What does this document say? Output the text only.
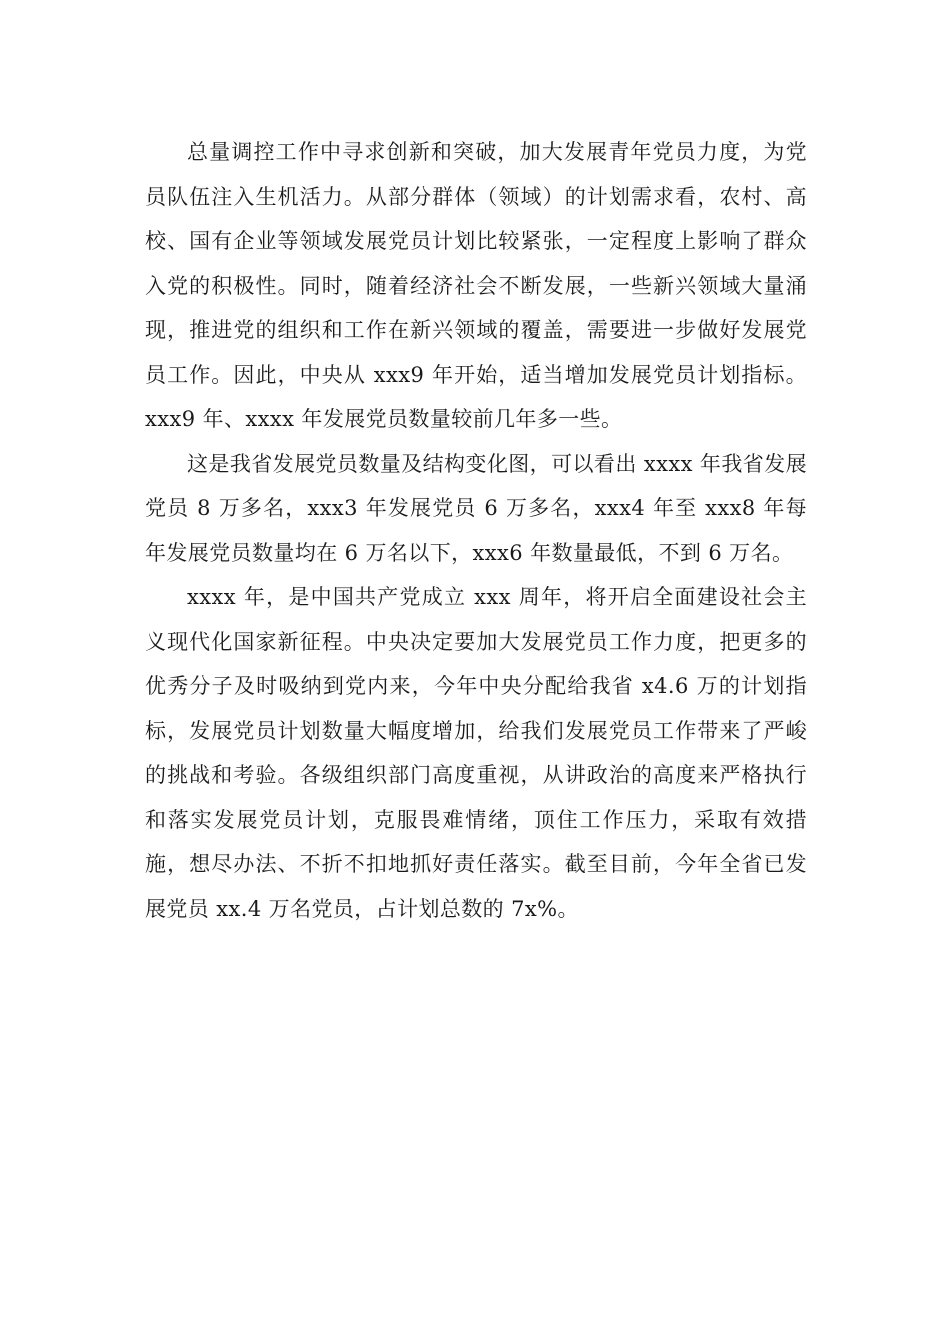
总量调控工作中寻求创新和突破，加大发展青年党员力度，为党员队伍注入生机活力。从部分群体（领域）的计划需求看，农村、高校、国有企业等领域发展党员计划比较紧张，一定程度上影响了群众入党的积极性。同时，随着经济社会不断发展，一些新兴领域大量涌现，推进党的组织和工作在新兴领域的覆盖，需要进一步做好发展党员工作。因此，中央从 xxx9 年开始，适当增加发展党员计划指标。xxx9 年、xxxx 年发展党员数量较前几年多一些。

这是我省发展党员数量及结构变化图，可以看出 xxxx 年我省发展党员 8 万多名，xxx3 年发展党员 6 万多名，xxx4 年至 xxx8 年每年发展党员数量均在 6 万名以下，xxx6 年数量最低，不到 6 万名。

xxxx 年，是中国共产党成立 xxx 周年，将开启全面建设社会主义现代化国家新征程。中央决定要加大发展党员工作力度，把更多的优秀分子及时吸纳到党内来，今年中央分配给我省 x4.6 万的计划指标，发展党员计划数量大幅度增加，给我们发展党员工作带来了严峻的挑战和考验。各级组织部门高度重视，从讲政治的高度来严格执行和落实发展党员计划，克服畏难情绪，顶住工作压力，采取有效措施，想尽办法、不折不扣地抓好责任落实。截至目前，今年全省已发展党员 xx.4 万名党员，占计划总数的 7x%。
